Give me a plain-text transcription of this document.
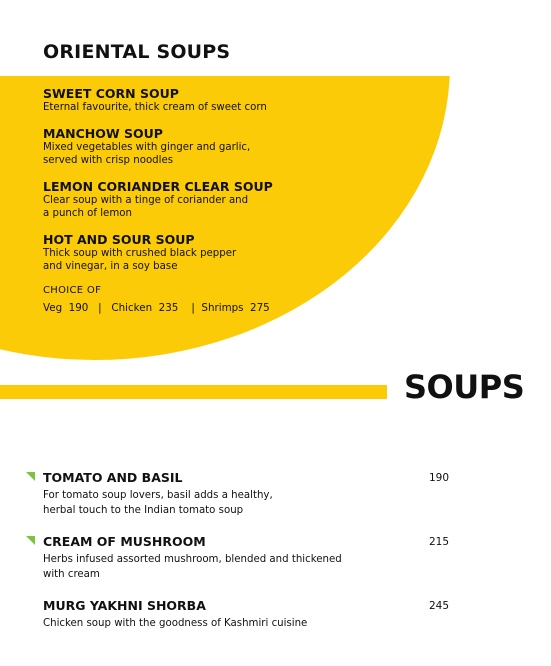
ORIENTAL SOUPS
SWEET CORN SOUP
Eternal favourite, thick cream of sweet corn
MANCHOW SOUP
Mixed vegetables with ginger and garlic,
served with crisp noodles
LEMON CORIANDER CLEAR SOUP
Clear soup with a tinge of coriander and
a punch of lemon
HOT AND SOUR SOUP
Thick soup with crushed black pepper
and vinegar, in a soy base
CHOICE OF
Veg  190   |   Chicken  235    |  Shrimps  275
SOUPS
TOMATO AND BASIL
For tomato soup lovers, basil adds a healthy,
herbal touch to the Indian tomato soup
190
CREAM OF MUSHROOM
Herbs infused assorted mushroom, blended and thickened
with cream
215
MURG YAKHNI SHORBA
Chicken soup with the goodness of Kashmiri cuisine
245
